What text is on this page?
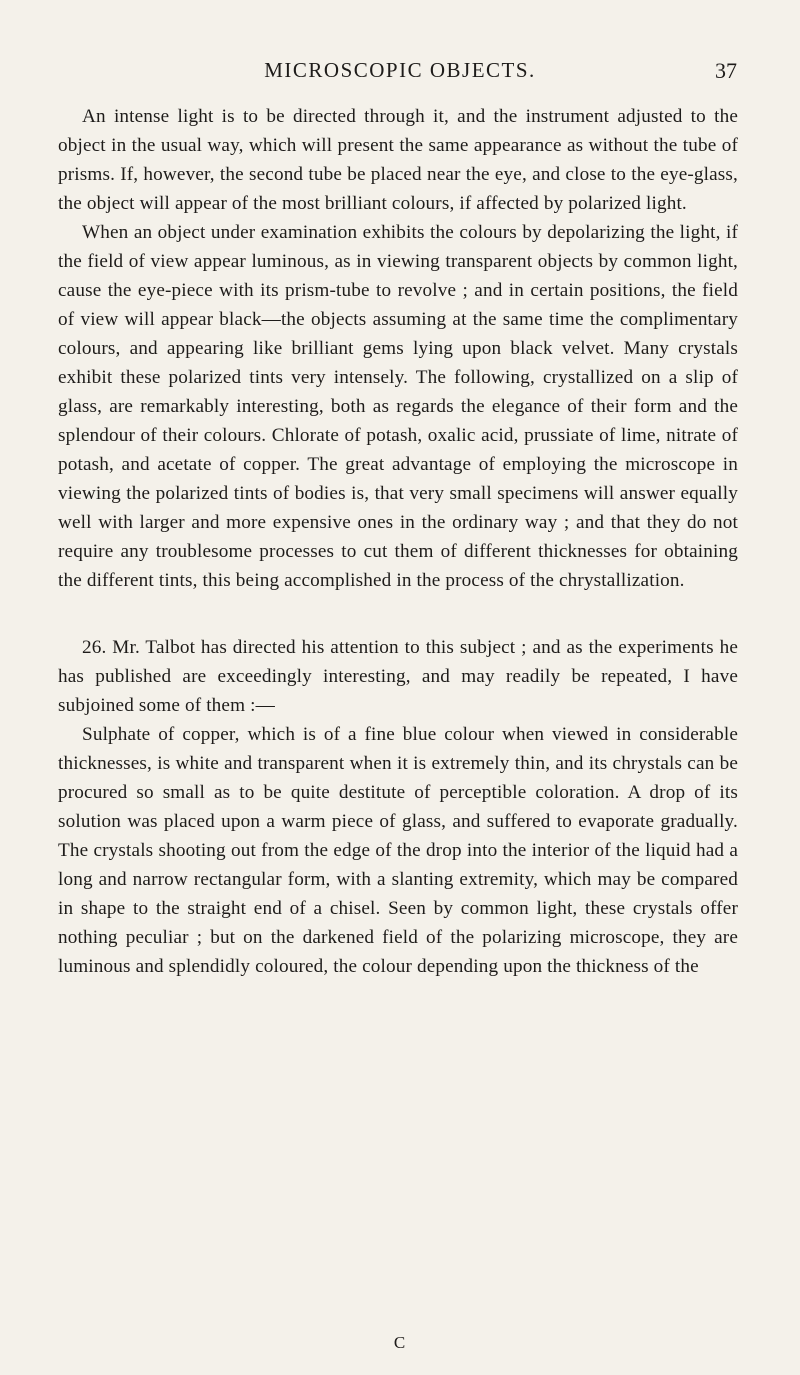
MICROSCOPIC OBJECTS.	37

An intense light is to be directed through it, and the instrument adjusted to the object in the usual way, which will present the same appearance as without the tube of prisms. If, however, the second tube be placed near the eye, and close to the eye-glass, the object will appear of the most brilliant colours, if affected by polarized light.

When an object under examination exhibits the colours by depolarizing the light, if the field of view appear luminous, as in viewing transparent objects by common light, cause the eye-piece with its prism-tube to revolve ; and in certain positions, the field of view will appear black—the objects assuming at the same time the complimentary colours, and appearing like brilliant gems lying upon black velvet. Many crystals exhibit these polarized tints very intensely. The following, crystallized on a slip of glass, are remarkably interesting, both as regards the elegance of their form and the splendour of their colours. Chlorate of potash, oxalic acid, prussiate of lime, nitrate of potash, and acetate of copper. The great advantage of employing the microscope in viewing the polarized tints of bodies is, that very small specimens will answer equally well with larger and more expensive ones in the ordinary way ; and that they do not require any troublesome processes to cut them of different thicknesses for obtaining the different tints, this being accomplished in the process of the chrystallization.

26. Mr. Talbot has directed his attention to this subject ; and as the experiments he has published are exceedingly interesting, and may readily be repeated, I have subjoined some of them :—

Sulphate of copper, which is of a fine blue colour when viewed in considerable thicknesses, is white and transparent when it is extremely thin, and its chrystals can be procured so small as to be quite destitute of perceptible coloration. A drop of its solution was placed upon a warm piece of glass, and suffered to evaporate gradually. The crystals shooting out from the edge of the drop into the interior of the liquid had a long and narrow rectangular form, with a slanting extremity, which may be compared in shape to the straight end of a chisel. Seen by common light, these crystals offer nothing peculiar ; but on the darkened field of the polarizing microscope, they are luminous and splendidly coloured, the colour depending upon the thickness of the

C
